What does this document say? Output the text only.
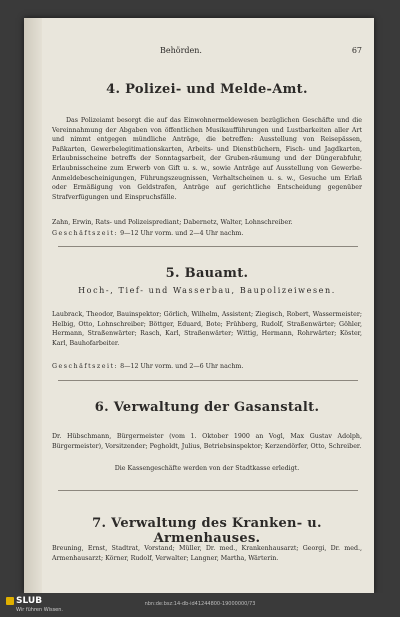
Behörden.	67
4. Polizei- und Melde-Amt.
Das Polizeiamt besorgt die auf das Einwohnermeldewesen bezüglichen Geschäfte und die Vereinnahmung der Abgaben von öffentlichen Musikaufführungen und Lustbarkeiten aller Art und nimmt entgegen mündliche Anträge, die betreffen: Ausstellung von Reisepässen, Paßkarten, Gewerbelegitimationskarten, Arbeits- und Dienstbüchern, Fisch- und Jagdkarten, Erlaubnisscheine betreffs der Sonntagsarbeit, der Gruben-räumung und der Düngerabfuhr, Erlaubnisscheine zum Erwerb von Gift u. s. w., sowie Anträge auf Ausstellung von Gewerbe-Anmeldebescheinigungen, Führungszeugnissen, Verhaltscheinen u. s. w., Gesuche um Erlaß oder Ermäßigung von Geldstrafen, Anträge auf gerichtliche Entscheidung gegenüber Strafverfügungen und Einspruchsfälle.
Zahn, Erwin, Rats- und Polizeisprediant; Dabernetz, Walter, Lohnschreiber.
Geschäftszeit: 9—12 Uhr vorm. und 2—4 Uhr nachm.
5. Bauamt.
Hoch-, Tief- und Wasserbau, Baupolizeiwesen.
Laubrack, Theodor, Bauinspektor; Görlich, Wilhelm, Assistent; Ziegisch, Robert, Wassermeister; Helbig, Otto, Lohnschreiber; Böttger, Eduard, Bote; Frühberg, Rudolf, Straßenwärter; Göhler, Hermann, Straßenwärter; Rasch, Karl, Straßenwärter; Wittig, Hermann, Rohrwärter; Köster, Karl, Bauhofarbeiter.
Geschäftszeit: 8—12 Uhr vorm. und 2—6 Uhr nachm.
6. Verwaltung der Gasanstalt.
Dr. Hübschmann, Bürgermeister (vom 1. Oktober 1900 an Vogl, Max Gustav Adolph, Bürgermeister), Vorsitzender; Pegholdt, Julius, Betriebsinspektor; Kerzendörfer, Otto, Schreiber.
Die Kassengeschäfte werden von der Stadtkasse erledigt.
7. Verwaltung des Kranken- u. Armenhauses.
Breuning, Ernst, Stadtrat, Vorstand; Müller, Dr. med., Krankenhausarzt; Georgi, Dr. med., Armenhausarzt; Körner, Rudolf, Verwalter; Langner, Martha, Wärterin.
SLUB
Wir führen Wissen.
nbn:de:bsz:14-db-id41244800-19000000/73
